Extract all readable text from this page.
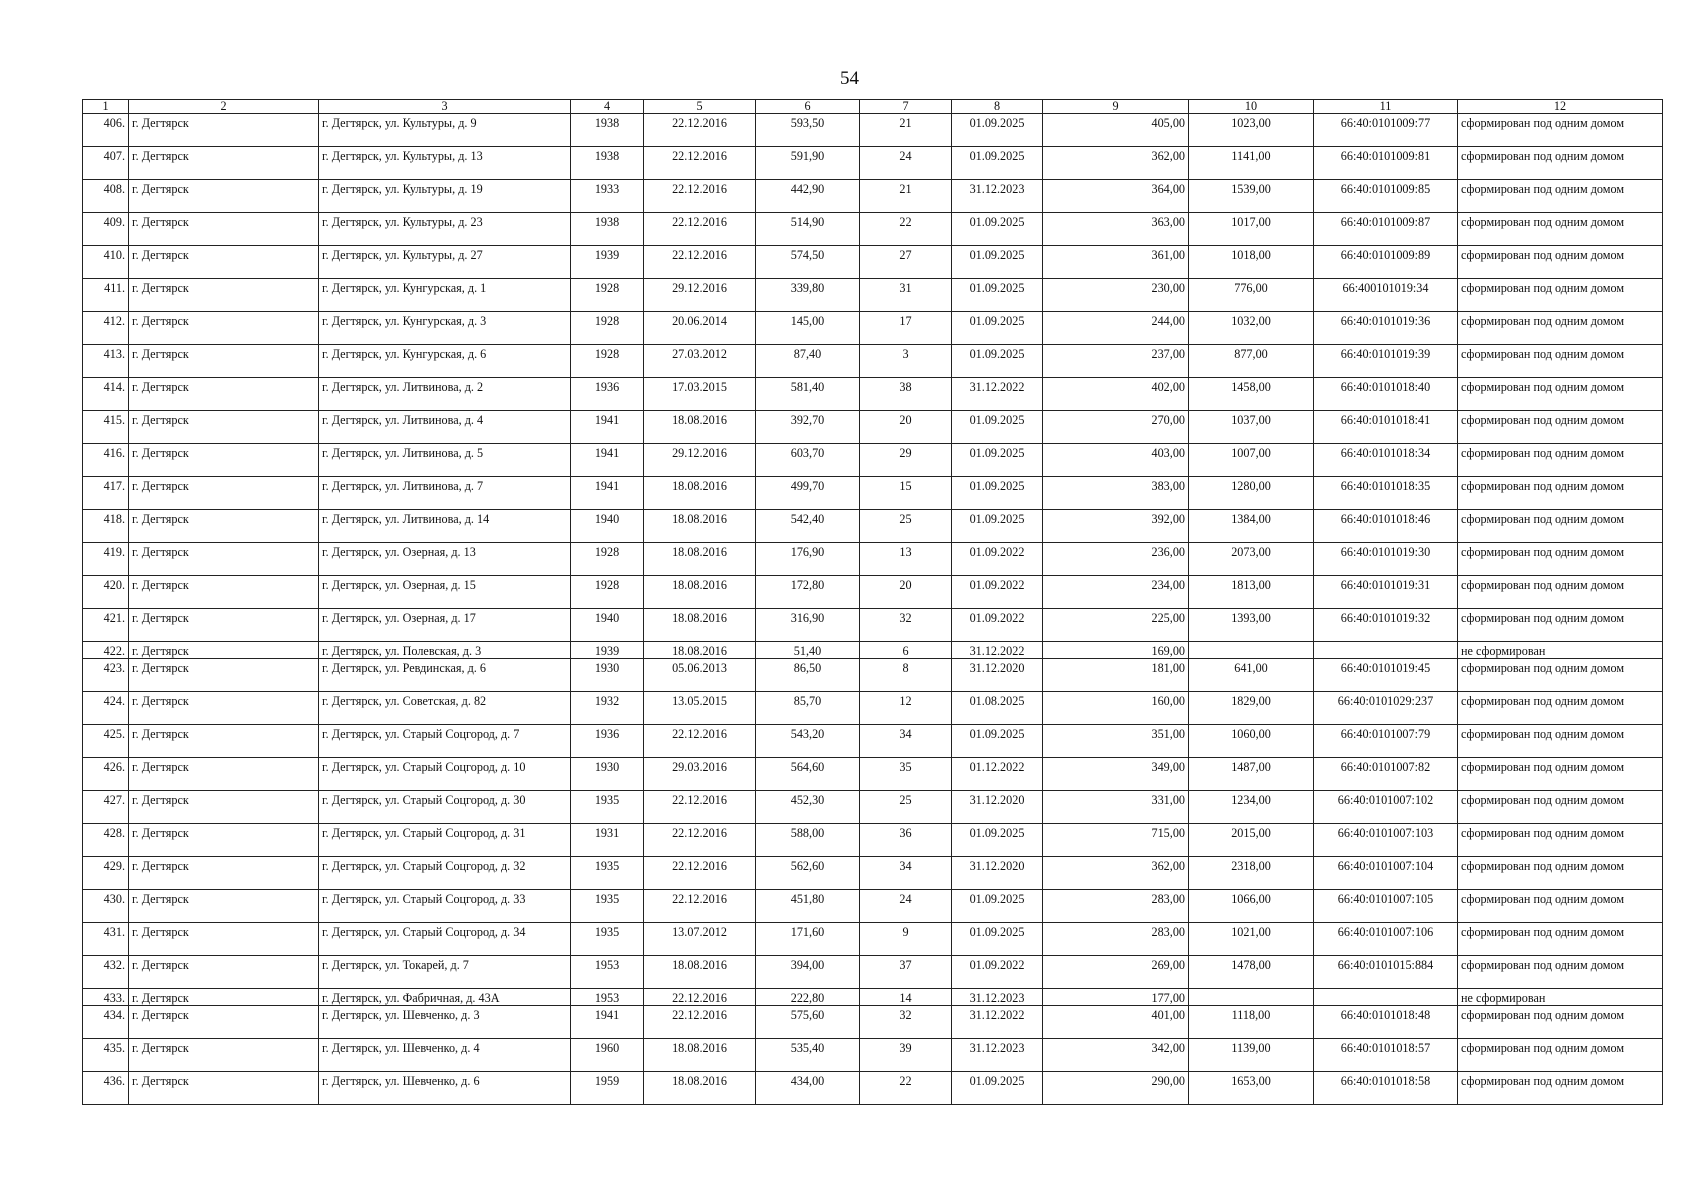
54
1	2	3	4	5	6	7	8	9	10	11	12
406.	г. Дегтярск	г. Дегтярск, ул. Культуры, д. 9	1938	22.12.2016	593,50	21	01.09.2025	405,00	1023,00	66:40:0101009:77	сформирован под одним домом
407.	г. Дегтярск	г. Дегтярск, ул. Культуры, д. 13	1938	22.12.2016	591,90	24	01.09.2025	362,00	1141,00	66:40:0101009:81	сформирован под одним домом
408.	г. Дегтярск	г. Дегтярск, ул. Культуры, д. 19	1933	22.12.2016	442,90	21	31.12.2023	364,00	1539,00	66:40:0101009:85	сформирован под одним домом
409.	г. Дегтярск	г. Дегтярск, ул. Культуры, д. 23	1938	22.12.2016	514,90	22	01.09.2025	363,00	1017,00	66:40:0101009:87	сформирован под одним домом
410.	г. Дегтярск	г. Дегтярск, ул. Культуры, д. 27	1939	22.12.2016	574,50	27	01.09.2025	361,00	1018,00	66:40:0101009:89	сформирован под одним домом
411.	г. Дегтярск	г. Дегтярск, ул. Кунгурская, д. 1	1928	29.12.2016	339,80	31	01.09.2025	230,00	776,00	66:400101019:34	сформирован под одним домом
412.	г. Дегтярск	г. Дегтярск, ул. Кунгурская, д. 3	1928	20.06.2014	145,00	17	01.09.2025	244,00	1032,00	66:40:0101019:36	сформирован под одним домом
413.	г. Дегтярск	г. Дегтярск, ул. Кунгурская, д. 6	1928	27.03.2012	87,40	3	01.09.2025	237,00	877,00	66:40:0101019:39	сформирован под одним домом
414.	г. Дегтярск	г. Дегтярск, ул. Литвинова, д. 2	1936	17.03.2015	581,40	38	31.12.2022	402,00	1458,00	66:40:0101018:40	сформирован под одним домом
415.	г. Дегтярск	г. Дегтярск, ул. Литвинова, д. 4	1941	18.08.2016	392,70	20	01.09.2025	270,00	1037,00	66:40:0101018:41	сформирован под одним домом
416.	г. Дегтярск	г. Дегтярск, ул. Литвинова, д. 5	1941	29.12.2016	603,70	29	01.09.2025	403,00	1007,00	66:40:0101018:34	сформирован под одним домом
417.	г. Дегтярск	г. Дегтярск, ул. Литвинова, д. 7	1941	18.08.2016	499,70	15	01.09.2025	383,00	1280,00	66:40:0101018:35	сформирован под одним домом
418.	г. Дегтярск	г. Дегтярск, ул. Литвинова, д. 14	1940	18.08.2016	542,40	25	01.09.2025	392,00	1384,00	66:40:0101018:46	сформирован под одним домом
419.	г. Дегтярск	г. Дегтярск, ул. Озерная, д. 13	1928	18.08.2016	176,90	13	01.09.2022	236,00	2073,00	66:40:0101019:30	сформирован под одним домом
420.	г. Дегтярск	г. Дегтярск, ул. Озерная, д. 15	1928	18.08.2016	172,80	20	01.09.2022	234,00	1813,00	66:40:0101019:31	сформирован под одним домом
421.	г. Дегтярск	г. Дегтярск, ул. Озерная, д. 17	1940	18.08.2016	316,90	32	01.09.2022	225,00	1393,00	66:40:0101019:32	сформирован под одним домом
422.	г. Дегтярск	г. Дегтярск, ул. Полевская, д. 3	1939	18.08.2016	51,40	6	31.12.2022	169,00			не сформирован
423.	г. Дегтярск	г. Дегтярск, ул. Ревдинская, д. 6	1930	05.06.2013	86,50	8	31.12.2020	181,00	641,00	66:40:0101019:45	сформирован под одним домом
424.	г. Дегтярск	г. Дегтярск, ул. Советская, д. 82	1932	13.05.2015	85,70	12	01.08.2025	160,00	1829,00	66:40:0101029:237	сформирован под одним домом
425.	г. Дегтярск	г. Дегтярск, ул. Старый Соцгород, д. 7	1936	22.12.2016	543,20	34	01.09.2025	351,00	1060,00	66:40:0101007:79	сформирован под одним домом
426.	г. Дегтярск	г. Дегтярск, ул. Старый Соцгород, д. 10	1930	29.03.2016	564,60	35	01.12.2022	349,00	1487,00	66:40:0101007:82	сформирован под одним домом
427.	г. Дегтярск	г. Дегтярск, ул. Старый Соцгород, д. 30	1935	22.12.2016	452,30	25	31.12.2020	331,00	1234,00	66:40:0101007:102	сформирован под одним домом
428.	г. Дегтярск	г. Дегтярск, ул. Старый Соцгород, д. 31	1931	22.12.2016	588,00	36	01.09.2025	715,00	2015,00	66:40:0101007:103	сформирован под одним домом
429.	г. Дегтярск	г. Дегтярск, ул. Старый Соцгород, д. 32	1935	22.12.2016	562,60	34	31.12.2020	362,00	2318,00	66:40:0101007:104	сформирован под одним домом
430.	г. Дегтярск	г. Дегтярск, ул. Старый Соцгород, д. 33	1935	22.12.2016	451,80	24	01.09.2025	283,00	1066,00	66:40:0101007:105	сформирован под одним домом
431.	г. Дегтярск	г. Дегтярск, ул. Старый Соцгород, д. 34	1935	13.07.2012	171,60	9	01.09.2025	283,00	1021,00	66:40:0101007:106	сформирован под одним домом
432.	г. Дегтярск	г. Дегтярск, ул. Токарей, д. 7	1953	18.08.2016	394,00	37	01.09.2022	269,00	1478,00	66:40:0101015:884	сформирован под одним домом
433.	г. Дегтярск	г. Дегтярск, ул. Фабричная, д. 43А	1953	22.12.2016	222,80	14	31.12.2023	177,00			не сформирован
434.	г. Дегтярск	г. Дегтярск, ул. Шевченко, д. 3	1941	22.12.2016	575,60	32	31.12.2022	401,00	1118,00	66:40:0101018:48	сформирован под одним домом
435.	г. Дегтярск	г. Дегтярск, ул. Шевченко, д. 4	1960	18.08.2016	535,40	39	31.12.2023	342,00	1139,00	66:40:0101018:57	сформирован под одним домом
436.	г. Дегтярск	г. Дегтярск, ул. Шевченко, д. 6	1959	18.08.2016	434,00	22	01.09.2025	290,00	1653,00	66:40:0101018:58	сформирован под одним домом
